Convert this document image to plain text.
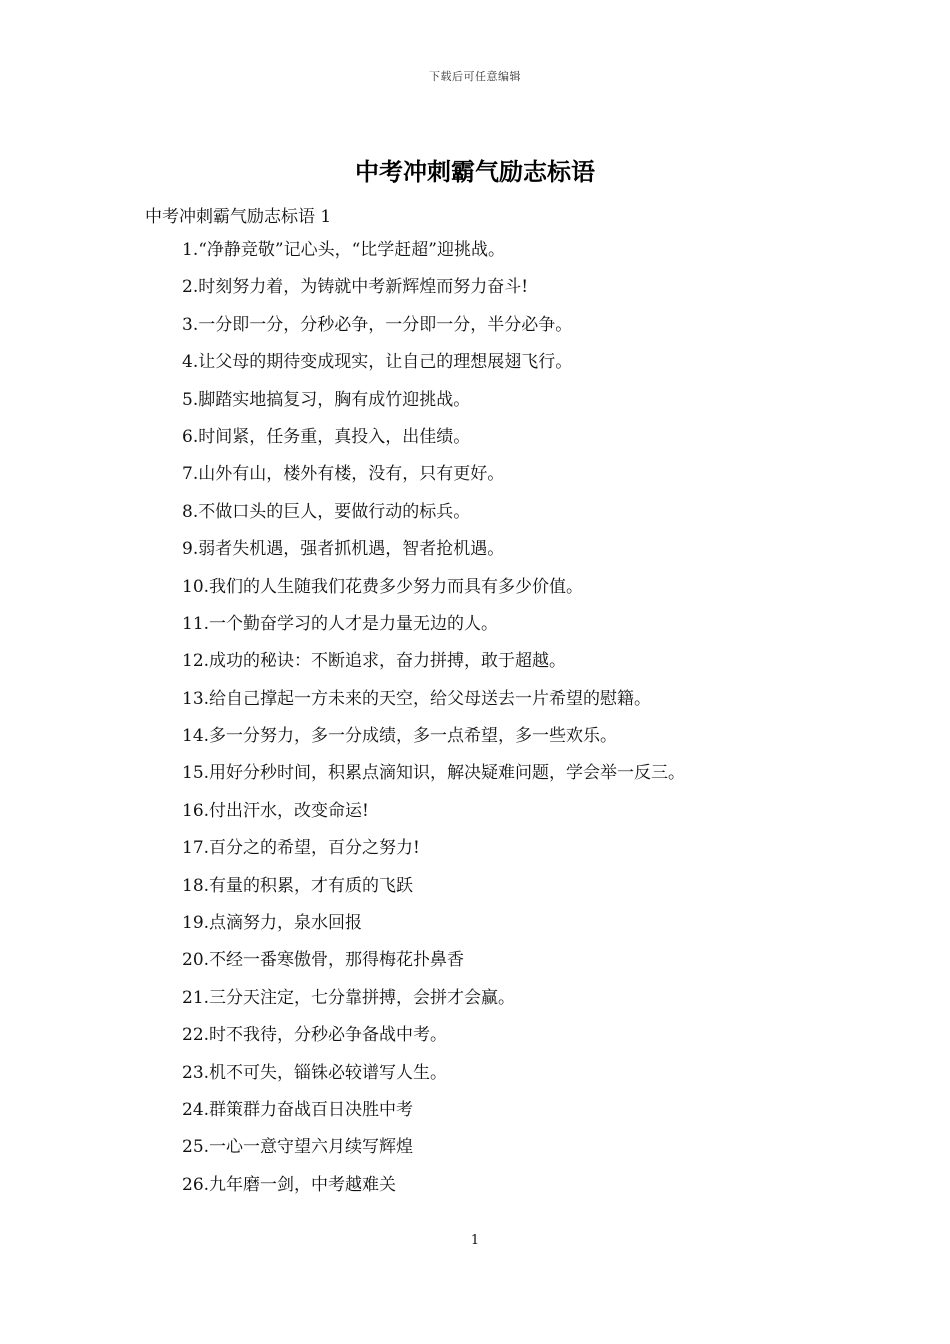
下载后可任意编辑
中考冲刺霸气励志标语

中考冲刺霸气励志标语 1

1.“净静竞敬”记心头，“比学赶超”迎挑战。
2.时刻努力着，为铸就中考新辉煌而努力奋斗!
3.一分即一分，分秒必争，一分即一分，半分必争。
4.让父母的期待变成现实，让自己的理想展翅飞行。
5.脚踏实地搞复习，胸有成竹迎挑战。
6.时间紧，任务重，真投入，出佳绩。
7.山外有山，楼外有楼，没有，只有更好。
8.不做口头的巨人，要做行动的标兵。
9.弱者失机遇，强者抓机遇，智者抢机遇。
10.我们的人生随我们花费多少努力而具有多少价值。
11.一个勤奋学习的人才是力量无边的人。
12.成功的秘诀：不断追求，奋力拼搏，敢于超越。
13.给自己撑起一方未来的天空，给父母送去一片希望的慰籍。
14.多一分努力，多一分成绩，多一点希望，多一些欢乐。
15.用好分秒时间，积累点滴知识，解决疑难问题，学会举一反三。
16.付出汗水，改变命运!
17.百分之的希望，百分之努力!
18.有量的积累，才有质的飞跃
19.点滴努力，泉水回报
20.不经一番寒傲骨，那得梅花扑鼻香
21.三分天注定，七分靠拼搏，会拼才会赢。
22.时不我待，分秒必争备战中考。
23.机不可失，锱铢必较谱写人生。
24.群策群力奋战百日决胜中考
25.一心一意守望六月续写辉煌
26.九年磨一剑，中考越难关
1
